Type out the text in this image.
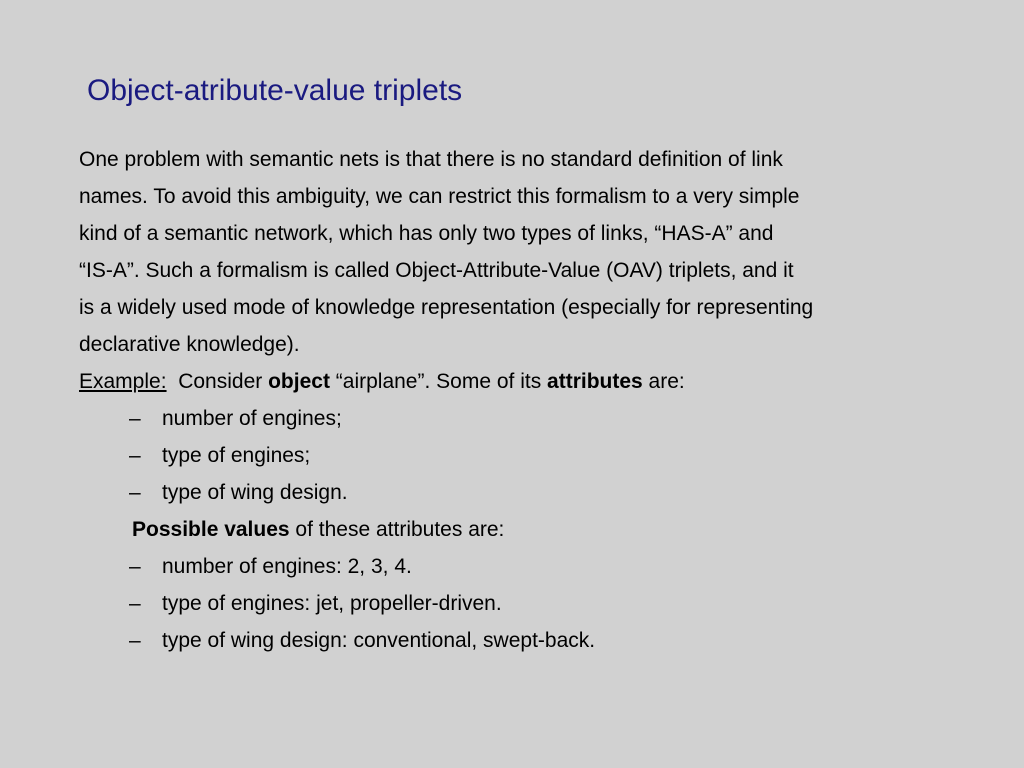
Object-atribute-value triplets

One problem with semantic nets is that there is no standard definition of link

names. To avoid this ambiguity, we can restrict this formalism to a very simple

kind of a semantic network, which has only two types of links, “HAS-A” and

“IS-A”. Such a formalism is called Object-Attribute-Value (OAV) triplets, and it

is a widely used mode of knowledge representation (especially for representing

declarative knowledge).

Example:  Consider object “airplane”. Some of its attributes are:
– number of engines;
– type of engines;
– type of wing design.
Possible values of these attributes are:
– number of engines: 2, 3, 4.
– type of engines: jet, propeller-driven.
– type of wing design: conventional, swept-back.
